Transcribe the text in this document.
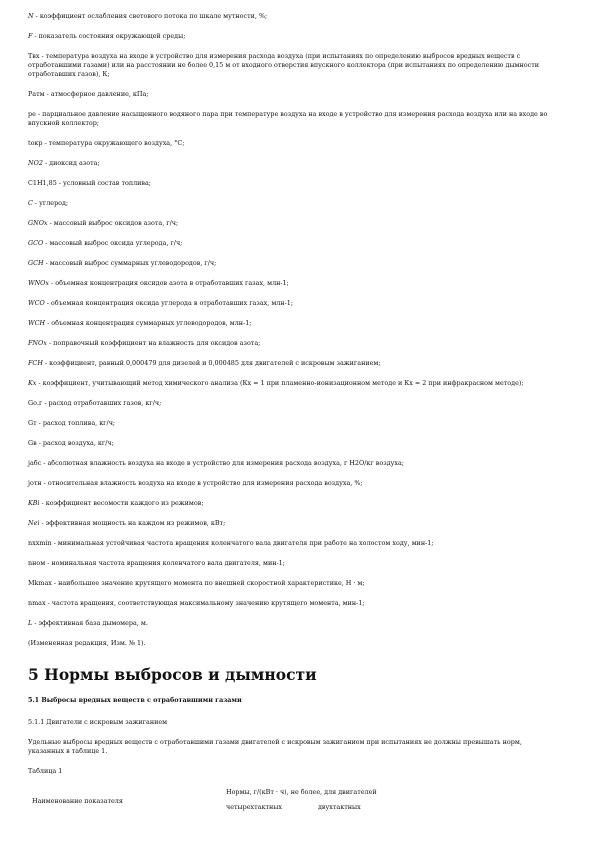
N - коэффициент ослабления светового потока по шкале мутности, %;
F - показатель состояния окружающей среды;
Твх - температура воздуха на входе в устройство для измерения расхода воздуха (при испытаниях по определению выбросов вредных веществ с отработавшими газами) или на расстоянии не более 0,15 м от входного отверстия впускного коллектора (при испытаниях по определению дымности отработавших газов), К;
Ратм - атмосферное давление, кПа;
ре - парциальное давление насыщенного водяного пара при температуре воздуха на входе в устройство для измерения расхода воздуха или на входе во впускной коллектор;
tокр - температура окружающего воздуха, °С;
NO2 - диоксид азота;
C1H1,85 - условный состав топлива;
C - углерод;
GNOx - массовый выброс оксидов азота, г/ч;
GCO - массовый выброс оксида углерода, г/ч;
GCH - массовый выброс суммарных углеводородов, г/ч;
WNOx - объемная концентрация оксидов азота в отработавших газах, млн-1;
WCO - объемная концентрация оксида углерода в отработавших газах, млн-1;
WCH - объемная концентрация суммарных углеводородов, млн-1;
FNOx - поправочный коэффициент на влажность для оксидов азота;
FCH - коэффициент, равный 0,000479 для дизелей и 0,000485 для двигателей с искровым зажиганием;
Kx - коэффициент, учитывающий метод химического анализа (Кх = 1 при пламенно-ионизационном методе и Кх = 2 при инфракрасном методе);
Gо.г - расход отработавших газов, кг/ч;
Gт - расход топлива, кг/ч;
Gв - расход воздуха, кг/ч;
jабс - абсолютная влажность воздуха на входе в устройство для измерения расхода воздуха, г Н2О/кг воздуха;
jотн - относительная влажность воздуха на входе в устройство для измерения расхода воздуха, %;
KBi - коэффициент весомости каждого из режимов;
Nei - эффективная мощность на каждом из режимов, кВт;
nxxmin - минимальная устойчивая частота вращения коленчатого вала двигателя при работе на холостом ходу, мин-1;
nном - номинальная частота вращения коленчатого вала двигателя, мин-1;
Mkmax - наибольшее значение крутящего момента по внешней скоростной характеристике, Н · м;
nmax - частота вращения, соответствующая максимальному значению крутящего момента, мин-1;
L - эффективная база дымомера, м.
(Измененная редакция, Изм. № 1).
5 Нормы выбросов и дымности
5.1 Выбросы вредных веществ с отработавшими газами
5.1.1 Двигатели с искровым зажиганием
Удельные выбросы вредных веществ с отработавшими газами двигателей с искровым зажиганием при испытаниях не должны превышать норм, указанных в таблице 1.
Таблица 1
Наименование показателя
Нормы, г/(кВт · ч), не более, для двигателей
четырехтактных	двухтактных
